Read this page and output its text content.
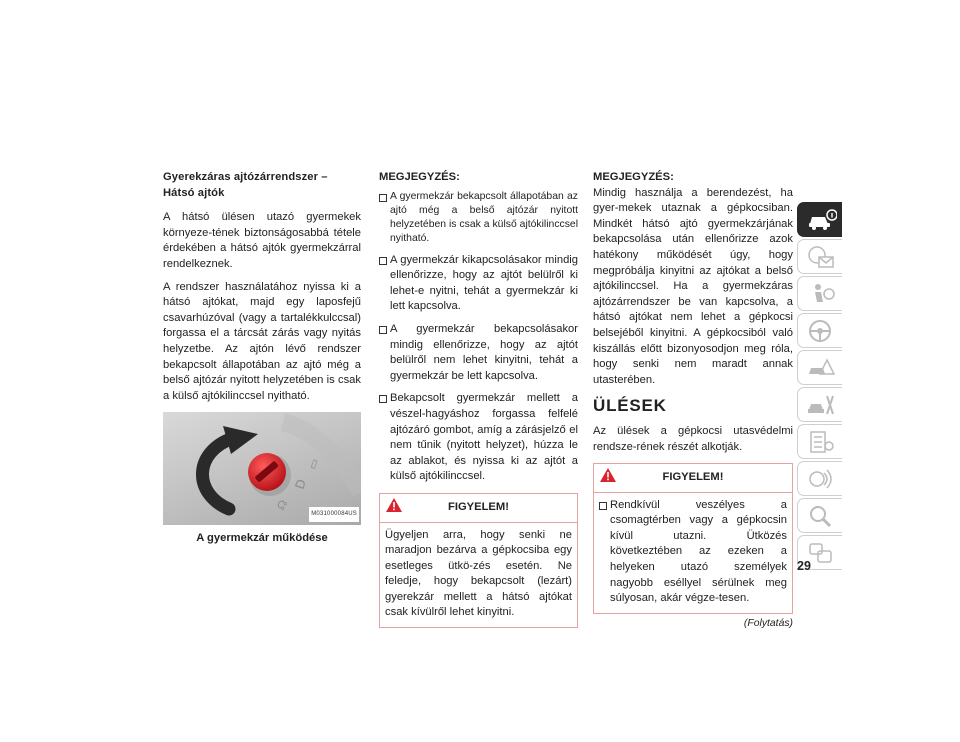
Gyerekzáras ajtózárrendszer – Hátsó ajtók

A hátsó ülésen utazó gyermekek környeze-tének biztonságosabbá tétele érdekében a hátsó ajtók gyermekzárral rendelkeznek.

A rendszer használatához nyissa ki a hátsó ajtókat, majd egy laposfejű csavarhúzóval (vagy a tartalékkulccsal) forgassa el a tárcsát zárás vagy nyitás helyzetbe. Az ajtón lévő rendszer bekapcsolt állapotában az ajtó még a belső ajtózár nyitott helyzetében is csak a külső ajtókilinccsel nyitható.

D
☊
▭
M031000084US
A gyermekzár működése
MEGJEGYZÉS:
A gyermekzár bekapcsolt állapotában az ajtó még a belső ajtózár nyitott helyzetében is csak a külső ajtókilinccsel nyitható.
A gyermekzár kikapcsolásakor mindig ellenőrizze, hogy az ajtót belülről ki lehet-e nyitni, tehát a gyermekzár ki lett kapcsolva.
A gyermekzár bekapcsolásakor mindig ellenőrizze, hogy az ajtót belülről nem lehet kinyitni, tehát a gyermekzár be lett kapcsolva.
Bekapcsolt gyermekzár mellett a vészel-hagyáshoz forgassa felfelé ajtózáró gombot, amíg a zárásjelző el nem tűnik (nyitott helyzet), húzza le az ablakot, és nyissa ki az ajtót a külső ajtókilinccsel.
FIGYELEM!

Ügyeljen arra, hogy senki ne maradjon bezárva a gépkocsiba egy esetleges ütkö-zés esetén. Ne feledje, hogy bekapcsolt (lezárt) gyerekzár mellett a hátsó ajtókat csak kívülről lehet kinyitni.

MEGJEGYZÉS:

Mindig használja a berendezést, ha gyer-mekek utaznak a gépkocsiban. Mindkét hátsó ajtó gyermekzárjának bekapcsolása után ellenőrizze azok hatékony működését úgy, hogy megpróbálja kinyitni az ajtókat a belső ajtókilinccsel. Ha a gyermekzáras ajtózárrendszer be van kapcsolva, a hátsó ajtókat nem lehet a gépkocsi belsejéből kinyitni. A gépkocsiból való kiszállás előtt bizonyosodjon meg róla, hogy senki nem maradt annak utasterében.

ÜLÉSEK

Az ülések a gépkocsi utasvédelmi rendsze-rének részét alkotják.

FIGYELEM!
Rendkívül veszélyes a csomagtérben vagy a gépkocsin kívül utazni. Ütközés következtében az ezeken a helyeken utazó személyek nagyobb eséllyel sérülnek meg súlyosan, akár végze-tesen.
(Folytatás)
29
